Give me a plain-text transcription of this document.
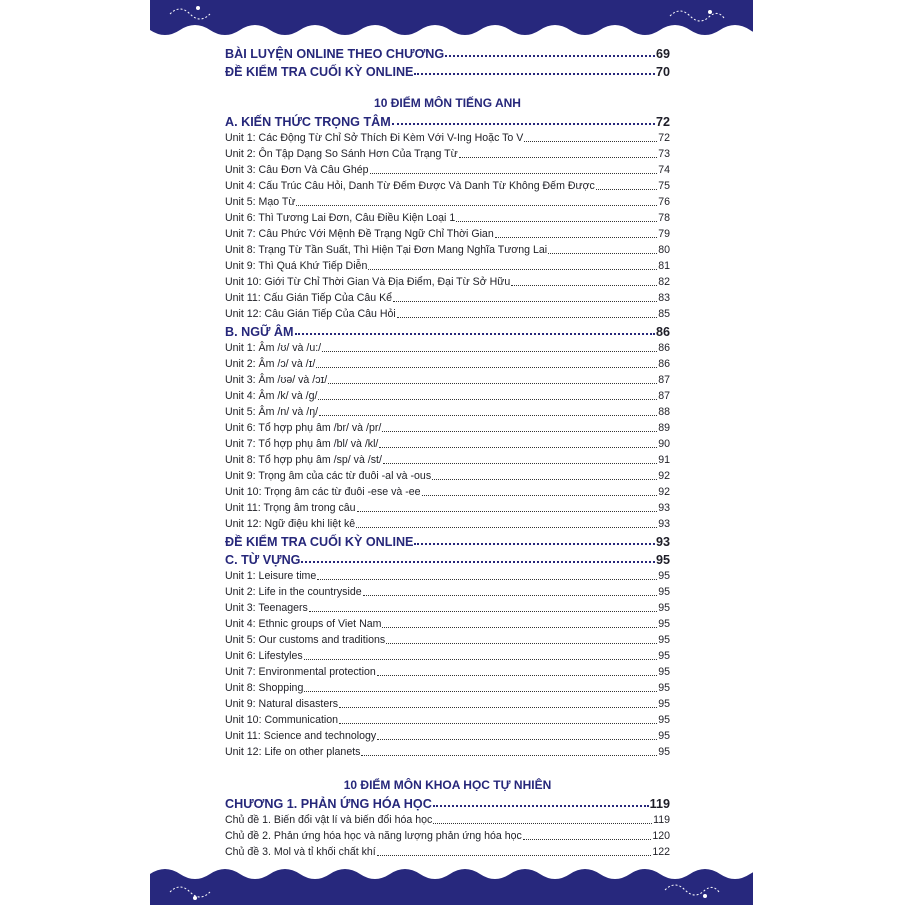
BÀI LUYỆN ONLINE THEO CHƯƠNG	69
ĐỀ KIỂM TRA CUỐI KỲ ONLINE	70
10 ĐIỂM MÔN TIẾNG ANH
A. KIẾN THỨC TRỌNG TÂM	72
Unit 1: Các Động Từ Chỉ Sở Thích Đi Kèm Với V-Ing Hoặc To V	72
Unit 2: Ôn Tập Dạng So Sánh Hơn Của Trạng Từ	73
Unit 3: Câu Đơn Và Câu Ghép	74
Unit 4: Cấu Trúc Câu Hỏi, Danh Từ Đếm Được Và Danh Từ Không Đếm Được	75
Unit 5: Mạo Từ	76
Unit 6: Thì Tương Lai Đơn, Câu Điều Kiện Loại 1	78
Unit 7: Câu Phức Với Mệnh Đề Trạng Ngữ Chỉ Thời Gian	79
Unit 8: Trạng Từ Tần Suất, Thì Hiện Tại Đơn Mang Nghĩa Tương Lai	80
Unit 9: Thì Quá Khứ Tiếp Diễn	81
Unit 10: Giới Từ Chỉ Thời Gian Và Địa Điểm, Đại Từ Sở Hữu	82
Unit 11: Cấu Gián Tiếp Của Câu Kể	83
Unit 12: Câu Gián Tiếp Của Câu Hỏi	85
B. NGỮ ÂM	86
Unit 1: Âm /ʊ/ và /u:/	86
Unit 2: Âm /ɔ/ và /ɪ/	86
Unit 3: Âm /ʊə/ và /ɔɪ/	87
Unit 4: Âm /k/ và /g/	87
Unit 5: Âm /n/ và /ŋ/	88
Unit 6: Tổ hợp phụ âm /br/ và /pr/	89
Unit 7: Tổ hợp phụ âm /bl/ và /kl/	90
Unit 8: Tổ hợp phụ âm /sp/ và /st/	91
Unit 9: Trọng âm của các từ đuôi -al và -ous	92
Unit 10: Trọng âm các từ đuôi -ese và -ee	92
Unit 11: Trọng âm trong câu	93
Unit 12: Ngữ điệu khi liệt kê	93
ĐỀ KIỂM TRA CUỐI KỲ ONLINE	93
C. TỪ VỰNG	95
Unit 1: Leisure time	95
Unit 2: Life in the countryside	95
Unit 3: Teenagers	95
Unit 4: Ethnic groups of Viet Nam	95
Unit 5: Our customs and traditions	95
Unit 6: Lifestyles	95
Unit 7: Environmental protection	95
Unit 8: Shopping	95
Unit 9: Natural disasters	95
Unit 10: Communication	95
Unit 11: Science and technology	95
Unit 12: Life on other planets	95
10 ĐIỂM MÔN KHOA HỌC TỰ NHIÊN
CHƯƠNG 1. PHẢN ỨNG HÓA HỌC	119
Chủ đề 1. Biến đổi vật lí và biến đổi hóa học	119
Chủ đề 2. Phản ứng hóa học và năng lượng phản ứng hóa học	120
Chủ đề 3. Mol và tỉ khối chất khí	122
